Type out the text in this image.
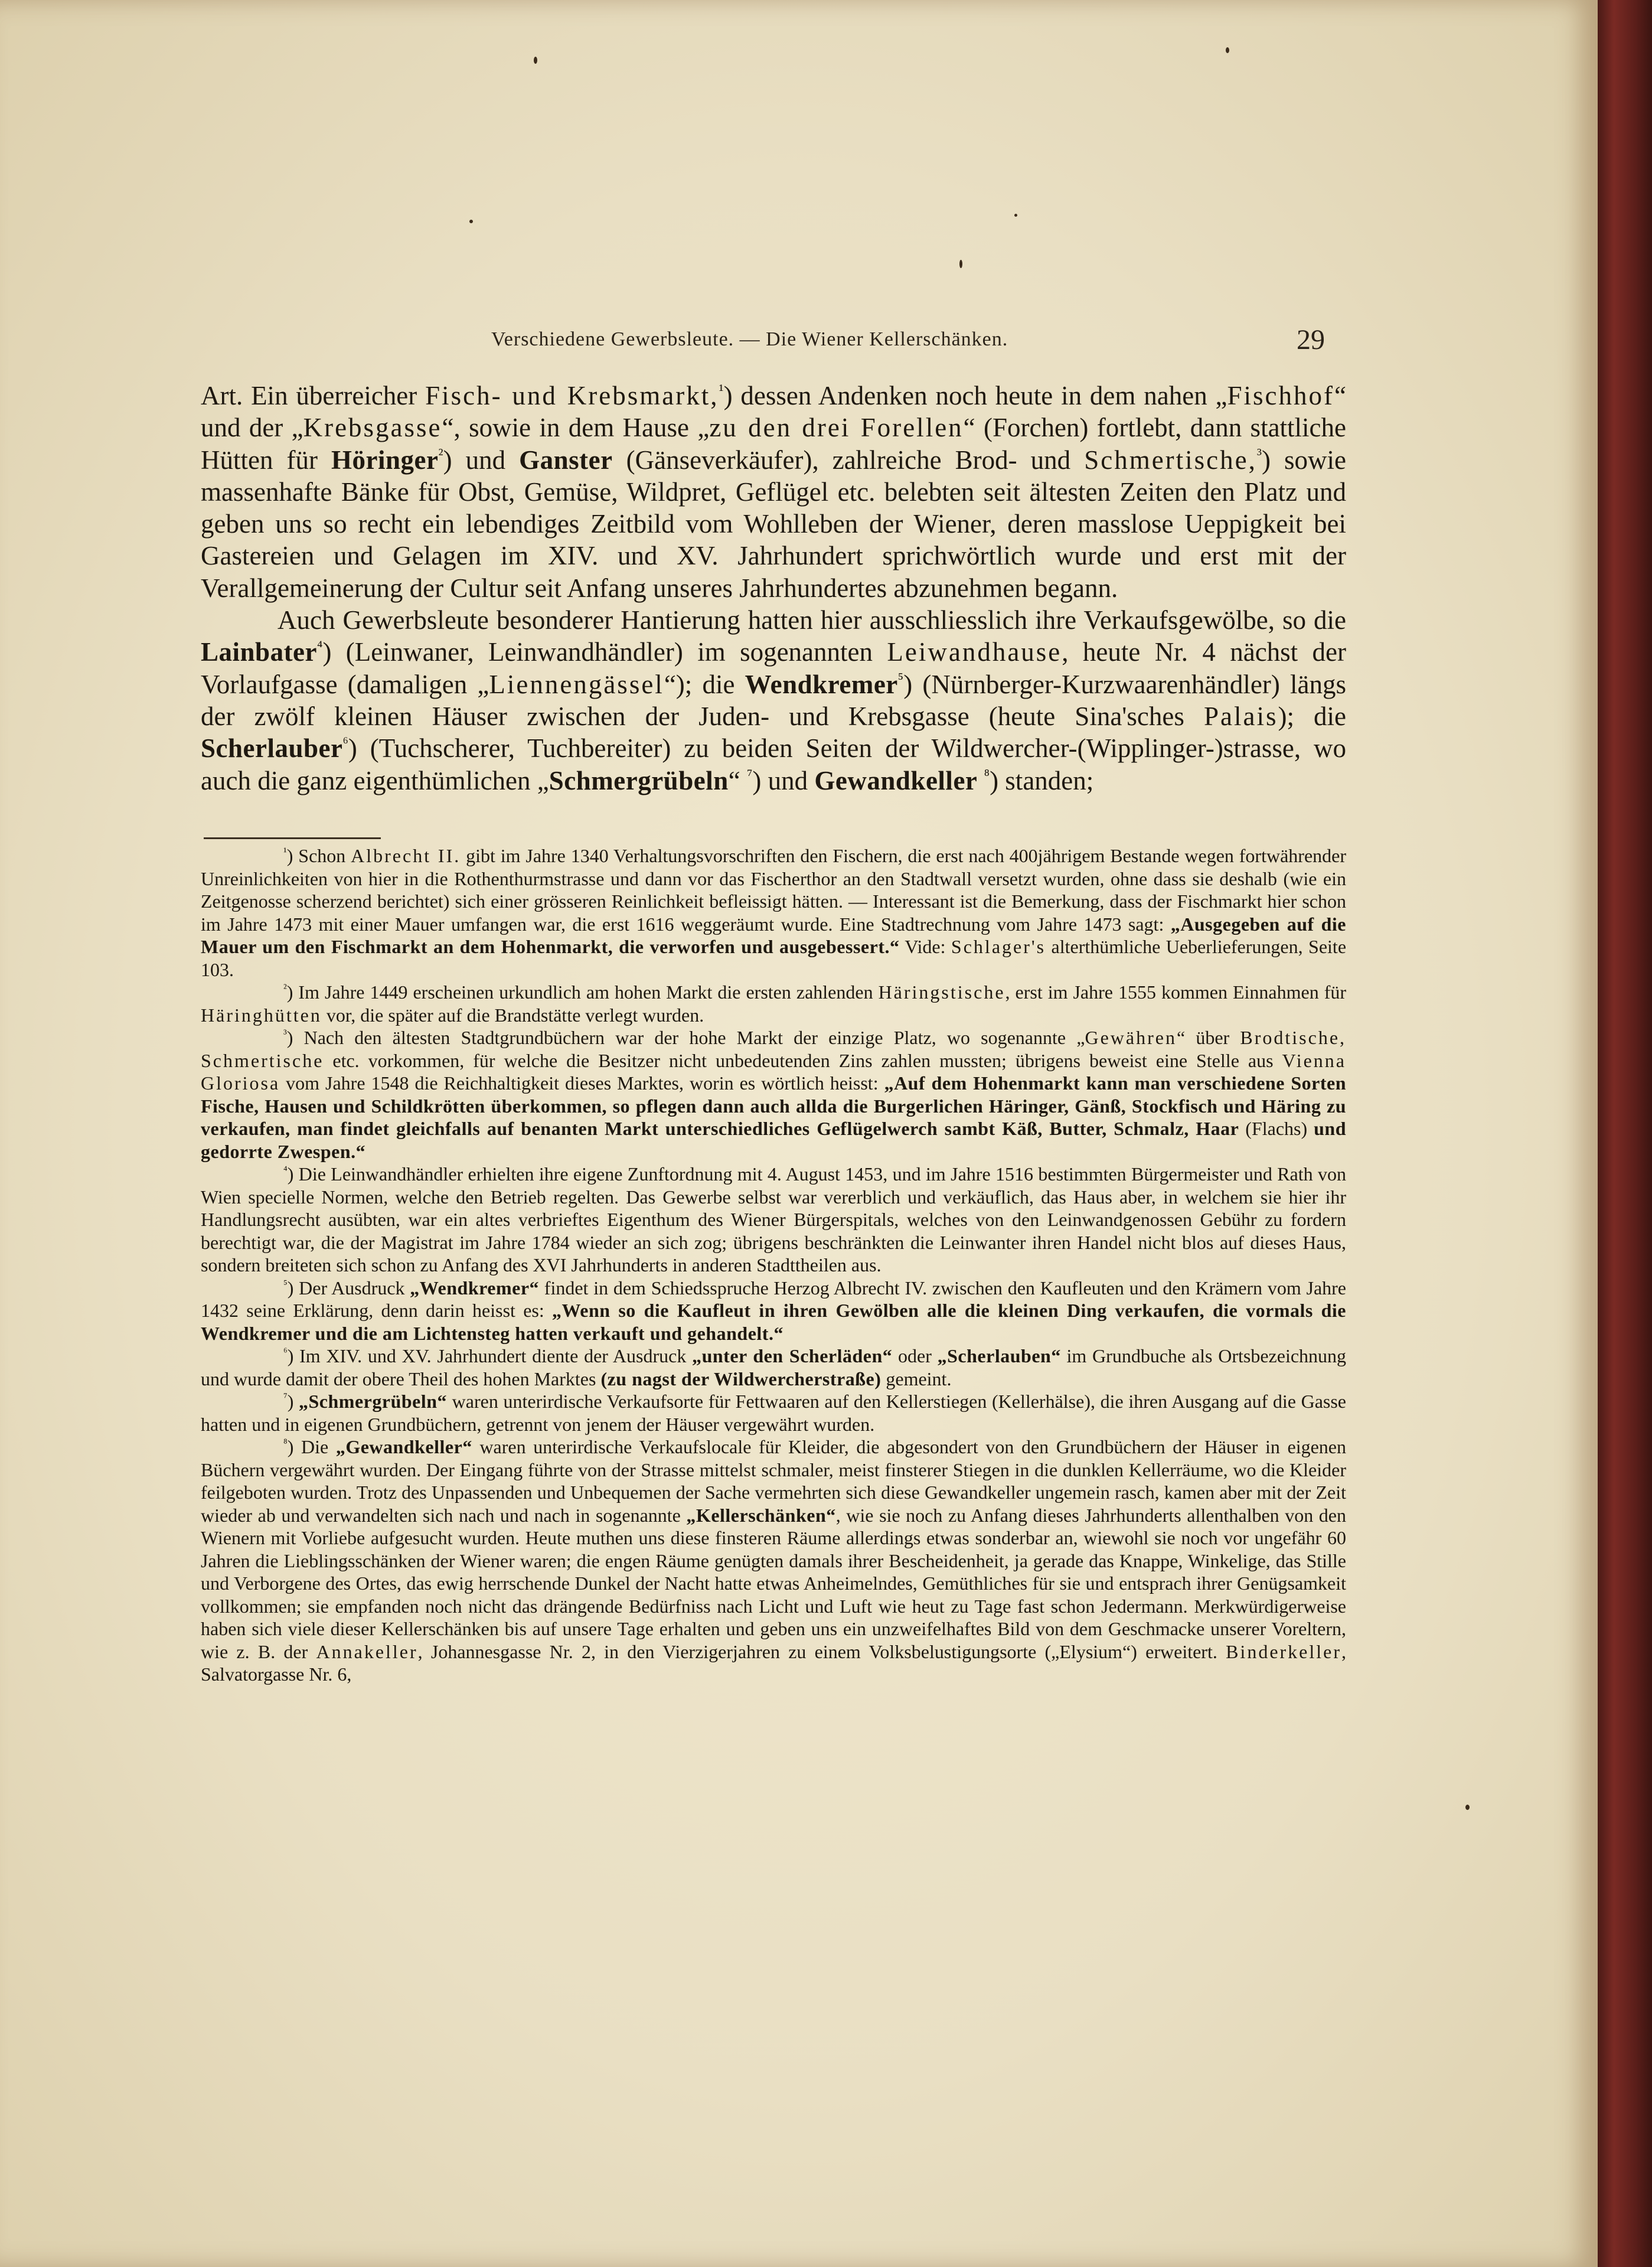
Verschiedene Gewerbsleute. — Die Wiener Kellerschänken.	29

Art. Ein überreicher Fisch- und Krebsmarkt,$^{^1}$) dessen Andenken noch heute in dem nahen „Fischhof“ und der „Krebsgasse“, sowie in dem Hause „zu den drei Forellen“ (Forchen) fortlebt, dann stattliche Hütten für Höringer$^{^2}$) und Ganster (Gänseverkäufer), zahlreiche Brod- und Schmertische,$^{^3}$) sowie massenhafte Bänke für Obst, Gemüse, Wildpret, Geflügel etc. belebten seit ältesten Zeiten den Platz und geben uns so recht ein lebendiges Zeitbild vom Wohlleben der Wiener, deren masslose Ueppigkeit bei Gastereien und Gelagen im XIV. und XV. Jahrhundert sprichwörtlich wurde und erst mit der Verallgemeinerung der Cultur seit Anfang unseres Jahrhundertes abzunehmen begann.

Auch Gewerbsleute besonderer Hantierung hatten hier ausschliesslich ihre Verkaufsgewölbe, so die Lainbater$^{^4}$) (Leinwaner, Leinwandhändler) im sogenannten Leiwandhause, heute Nr. 4 nächst der Vorlaufgasse (damaligen „Liennengässel“); die Wendkremer$^{^5}$) (Nürnberger-Kurzwaarenhändler) längs der zwölf kleinen Häuser zwischen der Juden- und Krebsgasse (heute Sina'sches Palais); die Scherlauber$^{^6}$) (Tuchscherer, Tuchbereiter) zu beiden Seiten der Wildwercher-(Wipplinger-)strasse, wo auch die ganz eigenthümlichen „Schmergrübeln“ $^{^7}$) und Gewandkeller $^{^8}$) standen;

$^{^1}$) Schon Albrecht II. gibt im Jahre 1340 Verhaltungsvorschriften den Fischern, die erst nach 400jährigem Bestande wegen fortwährender Unreinlichkeiten von hier in die Rothenthurmstrasse und dann vor das Fischerthor an den Stadtwall versetzt wurden, ohne dass sie deshalb (wie ein Zeitgenosse scherzend berichtet) sich einer grösseren Reinlichkeit befleissigt hätten. — Interessant ist die Bemerkung, dass der Fischmarkt hier schon im Jahre 1473 mit einer Mauer umfangen war, die erst 1616 weggeräumt wurde. Eine Stadtrechnung vom Jahre 1473 sagt: „Ausgegeben auf die Mauer um den Fischmarkt an dem Hohenmarkt, die verworfen und ausgebessert.“ Vide: Schlager's alterthümliche Ueberlieferungen, Seite 103.

$^{^2}$) Im Jahre 1449 erscheinen urkundlich am hohen Markt die ersten zahlenden Häringstische, erst im Jahre 1555 kommen Einnahmen für Häringhütten vor, die später auf die Brandstätte verlegt wurden.

$^{^3}$) Nach den ältesten Stadtgrundbüchern war der hohe Markt der einzige Platz, wo sogenannte „Gewähren“ über Brodtische, Schmertische etc. vorkommen, für welche die Besitzer nicht unbedeutenden Zins zahlen mussten; übrigens beweist eine Stelle aus Vienna Gloriosa vom Jahre 1548 die Reichhaltigkeit dieses Marktes, worin es wörtlich heisst: „Auf dem Hohenmarkt kann man verschiedene Sorten Fische, Hausen und Schildkrötten überkommen, so pflegen dann auch allda die Burgerlichen Häringer, Gänß, Stockfisch und Häring zu verkaufen, man findet gleichfalls auf benanten Markt unterschiedliches Geflügelwerch sambt Käß, Butter, Schmalz, Haar (Flachs) und gedorrte Zwespen.“

$^{^4}$) Die Leinwandhändler erhielten ihre eigene Zunftordnung mit 4. August 1453, und im Jahre 1516 bestimmten Bürgermeister und Rath von Wien specielle Normen, welche den Betrieb regelten. Das Gewerbe selbst war vererblich und verkäuflich, das Haus aber, in welchem sie hier ihr Handlungsrecht ausübten, war ein altes verbrieftes Eigenthum des Wiener Bürgerspitals, welches von den Leinwandgenossen Gebühr zu fordern berechtigt war, die der Magistrat im Jahre 1784 wieder an sich zog; übrigens beschränkten die Leinwanter ihren Handel nicht blos auf dieses Haus, sondern breiteten sich schon zu Anfang des XVI Jahrhunderts in anderen Stadttheilen aus.

$^{^5}$) Der Ausdruck „Wendkremer“ findet in dem Schiedsspruche Herzog Albrecht IV. zwischen den Kaufleuten und den Krämern vom Jahre 1432 seine Erklärung, denn darin heisst es: „Wenn so die Kaufleut in ihren Gewölben alle die kleinen Ding verkaufen, die vormals die Wendkremer und die am Lichtensteg hatten verkauft und gehandelt.“

$^{^6}$) Im XIV. und XV. Jahrhundert diente der Ausdruck „unter den Scherläden“ oder „Scherlauben“ im Grundbuche als Ortsbezeichnung und wurde damit der obere Theil des hohen Marktes (zu nagst der Wildwercherstraße) gemeint.

$^{^7}$) „Schmergrübeln“ waren unterirdische Verkaufsorte für Fettwaaren auf den Kellerstiegen (Kellerhälse), die ihren Ausgang auf die Gasse hatten und in eigenen Grundbüchern, getrennt von jenem der Häuser vergewährt wurden.

$^{^8}$) Die „Gewandkeller“ waren unterirdische Verkaufslocale für Kleider, die abgesondert von den Grundbüchern der Häuser in eigenen Büchern vergewährt wurden. Der Eingang führte von der Strasse mittelst schmaler, meist finsterer Stiegen in die dunklen Kellerräume, wo die Kleider feilgeboten wurden. Trotz des Unpassenden und Unbequemen der Sache vermehrten sich diese Gewandkeller ungemein rasch, kamen aber mit der Zeit wieder ab und verwandelten sich nach und nach in sogenannte „Kellerschänken“, wie sie noch zu Anfang dieses Jahrhunderts allenthalben von den Wienern mit Vorliebe aufgesucht wurden. Heute muthen uns diese finsteren Räume allerdings etwas sonderbar an, wiewohl sie noch vor ungefähr 60 Jahren die Lieblingsschänken der Wiener waren; die engen Räume genügten damals ihrer Bescheidenheit, ja gerade das Knappe, Winkelige, das Stille und Verborgene des Ortes, das ewig herrschende Dunkel der Nacht hatte etwas Anheimelndes, Gemüthliches für sie und entsprach ihrer Genügsamkeit vollkommen; sie empfanden noch nicht das drängende Bedürfniss nach Licht und Luft wie heut zu Tage fast schon Jedermann. Merkwürdigerweise haben sich viele dieser Kellerschänken bis auf unsere Tage erhalten und geben uns ein unzweifelhaftes Bild von dem Geschmacke unserer Voreltern, wie z. B. der Annakeller, Johannesgasse Nr. 2, in den Vierzigerjahren zu einem Volksbelustigungsorte („Elysium“) erweitert. Binderkeller, Salvatorgasse Nr. 6,
